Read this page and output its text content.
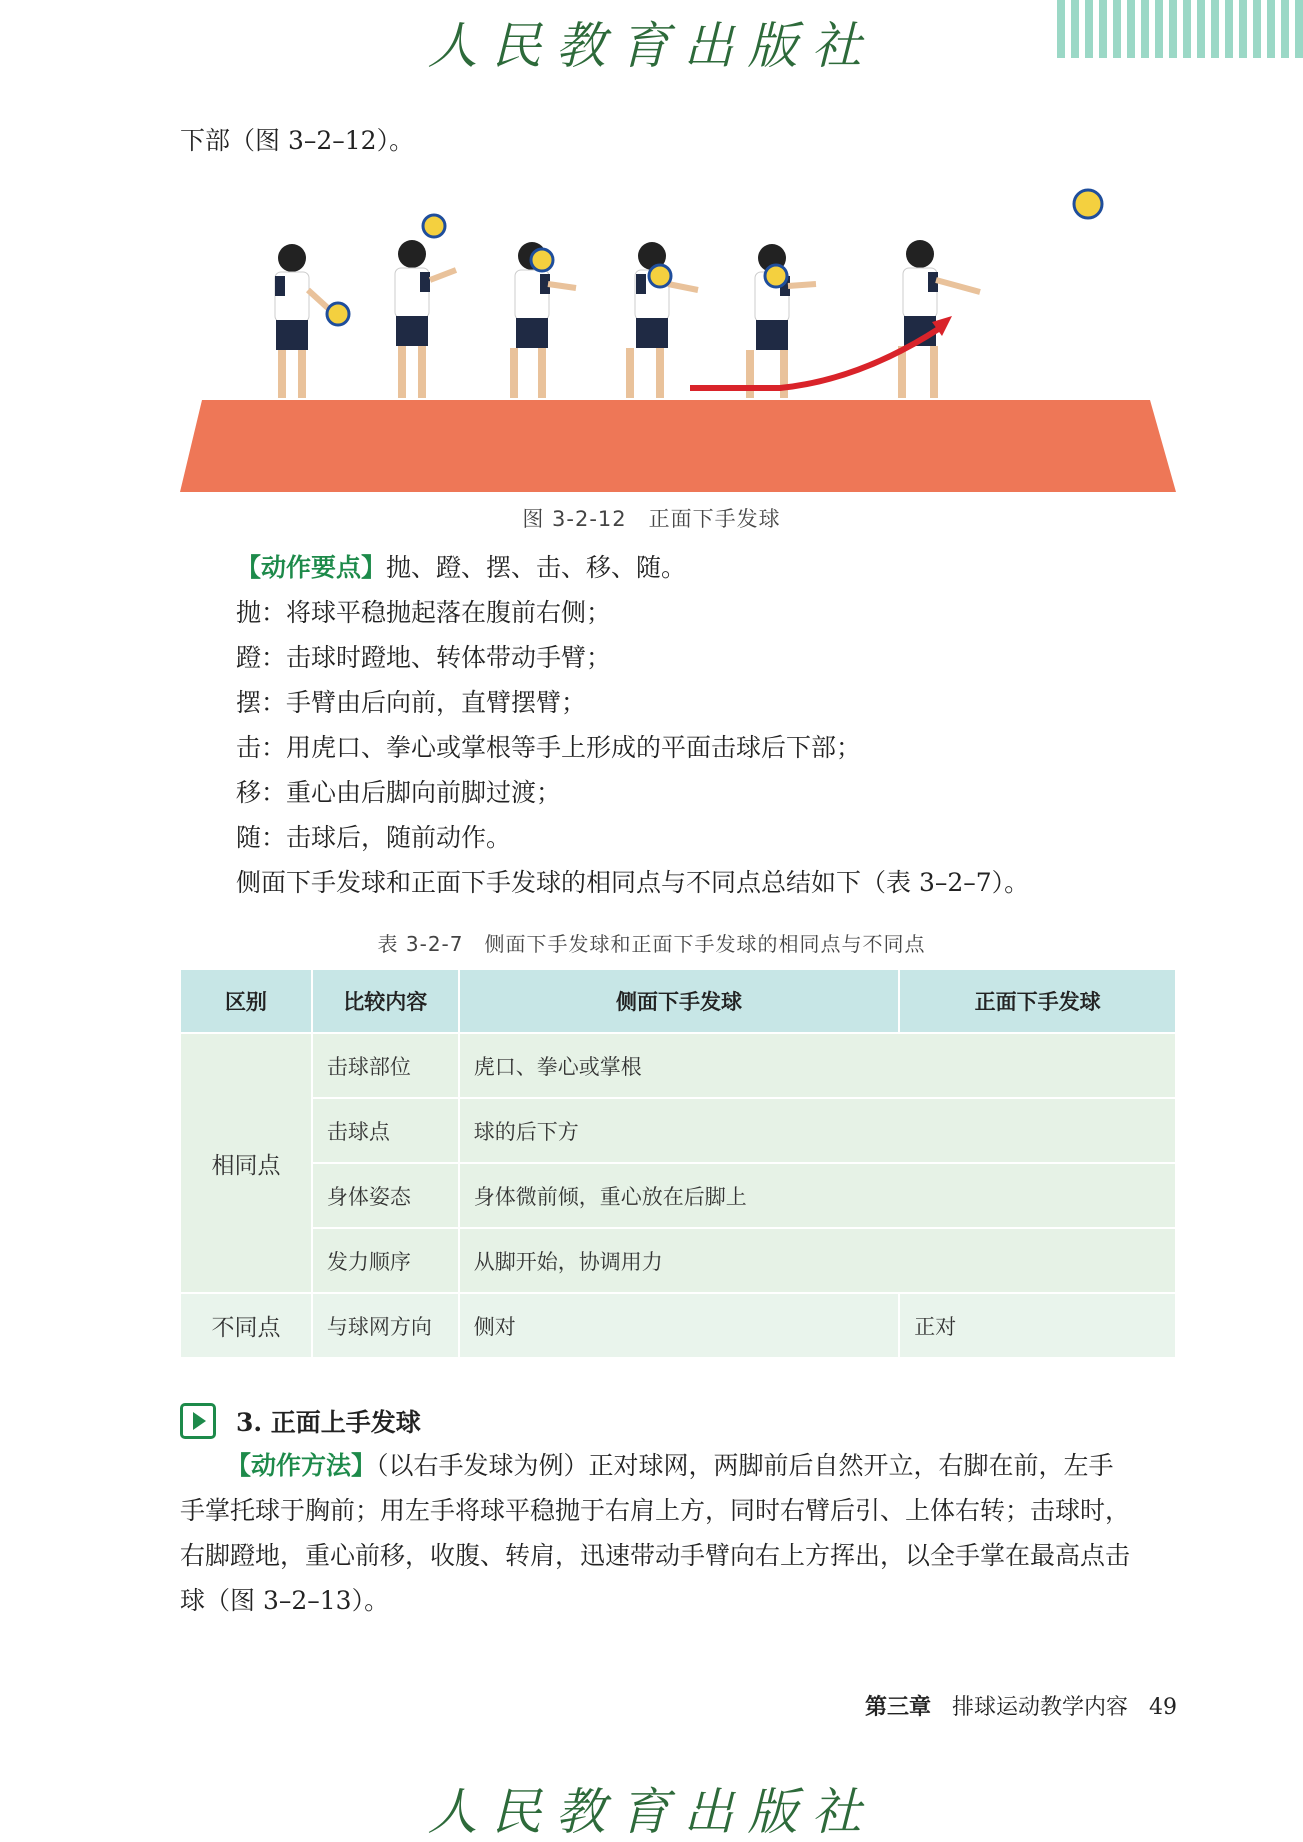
人民教育出版社
下部（图 3–2–12）。
图 3-2-12　正面下手发球
【动作要点】抛、蹬、摆、击、移、随。
抛：将球平稳抛起落在腹前右侧；
蹬：击球时蹬地、转体带动手臂；
摆：手臂由后向前，直臂摆臂；
击：用虎口、拳心或掌根等手上形成的平面击球后下部；
移：重心由后脚向前脚过渡；
随：击球后，随前动作。
侧面下手发球和正面下手发球的相同点与不同点总结如下（表 3–2–7）。
表 3-2-7　侧面下手发球和正面下手发球的相同点与不同点
区别	比较内容	侧面下手发球	正面下手发球
相同点	击球部位	虎口、拳心或掌根	
	击球点	球的后下方	
	身体姿态	身体微前倾，重心放在后脚上	
	发力顺序	从脚开始，协调用力	
不同点	与球网方向	侧对	正对
3. 正面上手发球
【动作方法】（以右手发球为例）正对球网，两脚前后自然开立，右脚在前，左手
手掌托球于胸前；用左手将球平稳抛于右肩上方，同时右臂后引、上体右转；击球时，
右脚蹬地，重心前移，收腹、转肩，迅速带动手臂向右上方挥出，以全手掌在最高点击
球（图 3–2–13）。
第三章 排球运动教学内容 49
人民教育出版社
